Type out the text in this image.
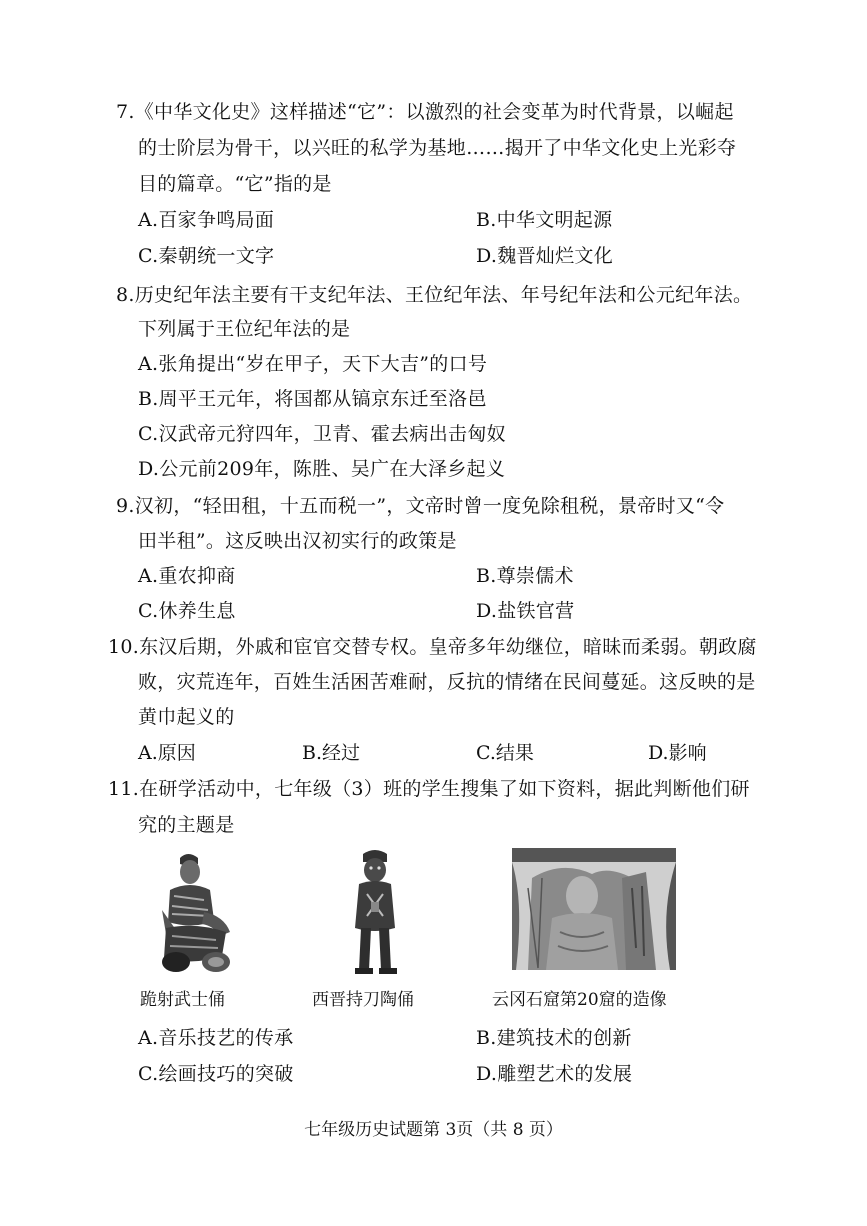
7.《中华文化史》这样描述“它”：以激烈的社会变革为时代背景，以崛起
的士阶层为骨干，以兴旺的私学为基地……揭开了中华文化史上光彩夺
目的篇章。“它”指的是
A.百家争鸣局面	B.中华文明起源
C.秦朝统一文字	D.魏晋灿烂文化
8.历史纪年法主要有干支纪年法、王位纪年法、年号纪年法和公元纪年法。
下列属于王位纪年法的是
A.张角提出“岁在甲子，天下大吉”的口号
B.周平王元年，将国都从镐京东迁至洛邑
C.汉武帝元狩四年，卫青、霍去病出击匈奴
D.公元前209年，陈胜、吴广在大泽乡起义
9.汉初，“轻田租，十五而税一”，文帝时曾一度免除租税，景帝时又“令
田半租”。这反映出汉初实行的政策是
A.重农抑商	B.尊崇儒术
C.休养生息	D.盐铁官营
10.东汉后期，外戚和宦官交替专权。皇帝多年幼继位，暗昧而柔弱。朝政腐
败，灾荒连年，百姓生活困苦难耐，反抗的情绪在民间蔓延。这反映的是
黄巾起义的
A.原因	B.经过	C.结果	D.影响
11.在研学活动中，七年级（3）班的学生搜集了如下资料，据此判断他们研
究的主题是
跪射武士俑	西晋持刀陶俑	云冈石窟第20窟的造像
A.音乐技艺的传承	B.建筑技术的创新
C.绘画技巧的突破	D.雕塑艺术的发展
七年级历史试题第 3页（共 8 页）
